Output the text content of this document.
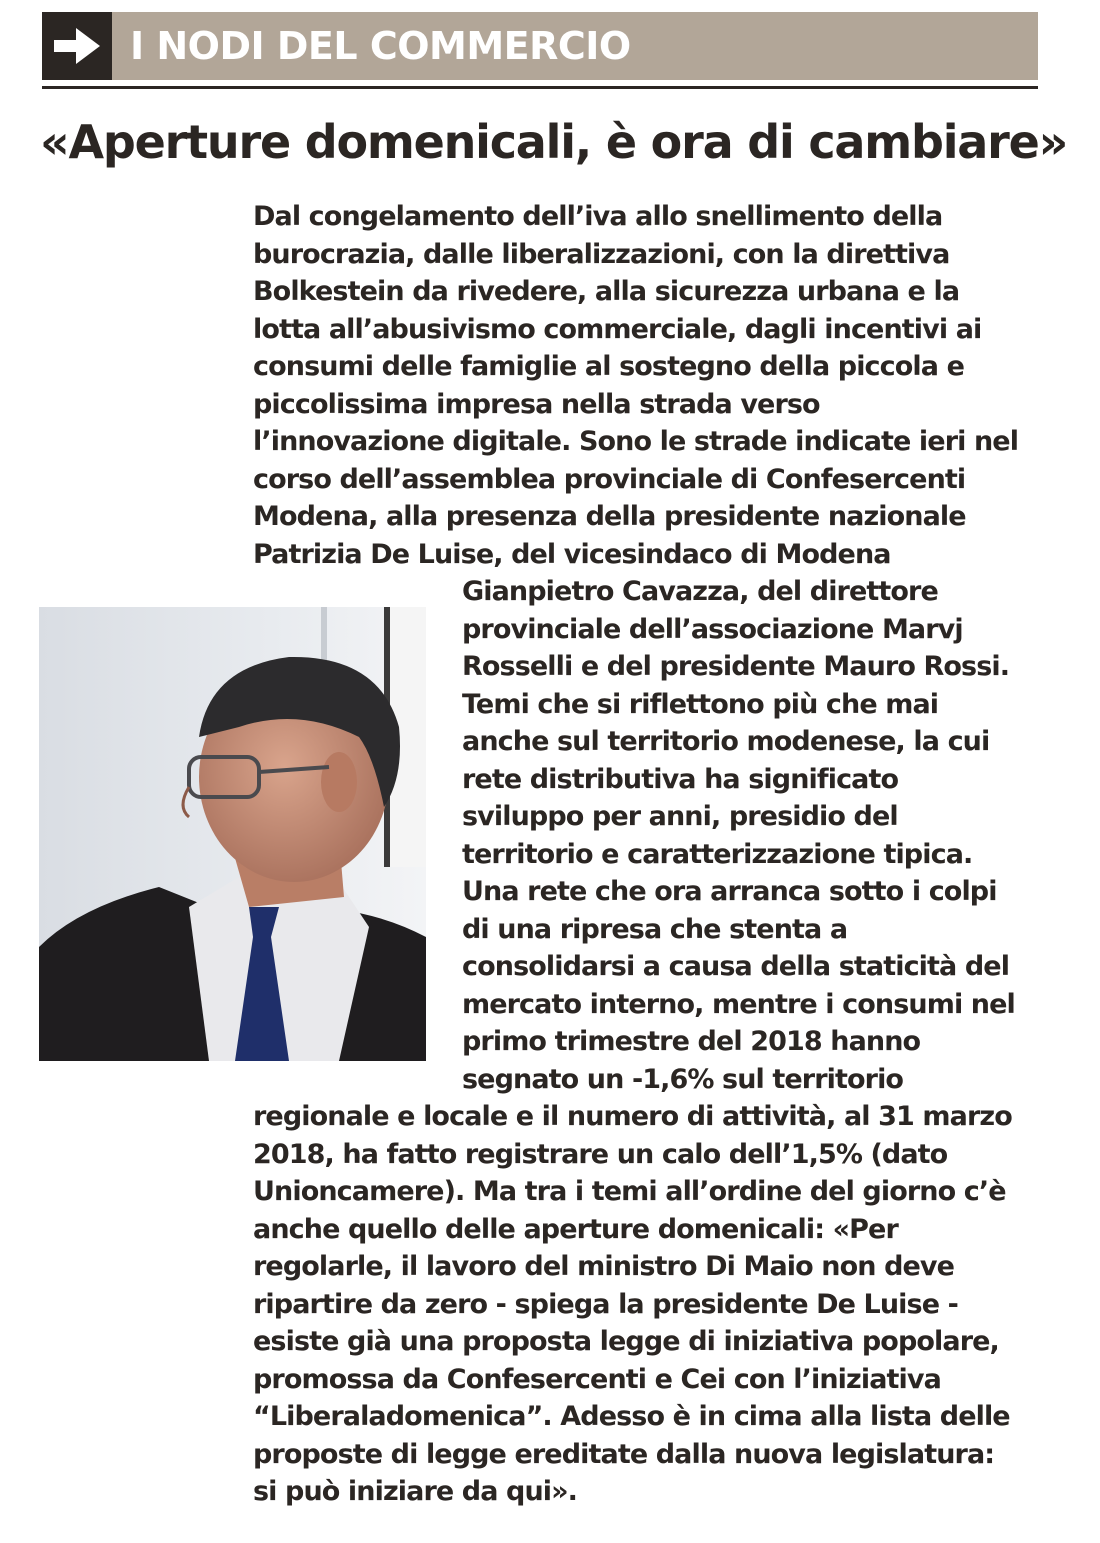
I NODI DEL COMMERCIO
«Aperture domenicali, è ora di cambiare»
Dal congelamento dell’iva allo snellimento della
burocrazia, dalle liberalizzazioni, con la direttiva
Bolkestein da rivedere, alla sicurezza urbana e la
lotta all’abusivismo commerciale, dagli incentivi ai
consumi delle famiglie al sostegno della piccola e
piccolissima impresa nella strada verso
l’innovazione digitale. Sono le strade indicate ieri nel
corso dell’assemblea provinciale di Confesercenti
Modena, alla presenza della presidente nazionale
Patrizia De Luise, del vicesindaco di Modena
Gianpietro Cavazza, del direttore
provinciale dell’associazione Marvj
Rosselli e del presidente Mauro Rossi.
Temi che si riflettono più che mai
anche sul territorio modenese, la cui
rete distributiva ha significato
sviluppo per anni, presidio del
territorio e caratterizzazione tipica.
Una rete che ora arranca sotto i colpi
di una ripresa che stenta a
consolidarsi a causa della staticità del
mercato interno, mentre i consumi nel
primo trimestre del 2018 hanno
segnato un -1,6% sul territorio
regionale e locale e il numero di attività, al 31 marzo
2018, ha fatto registrare un calo dell’1,5% (dato
Unioncamere). Ma tra i temi all’ordine del giorno c’è
anche quello delle aperture domenicali: «Per
regolarle, il lavoro del ministro Di Maio non deve
ripartire da zero - spiega la presidente De Luise -
esiste già una proposta legge di iniziativa popolare,
promossa da Confesercenti e Cei con l’iniziativa
“Liberaladomenica”. Adesso è in cima alla lista delle
proposte di legge ereditate dalla nuova legislatura:
si può iniziare da qui».
